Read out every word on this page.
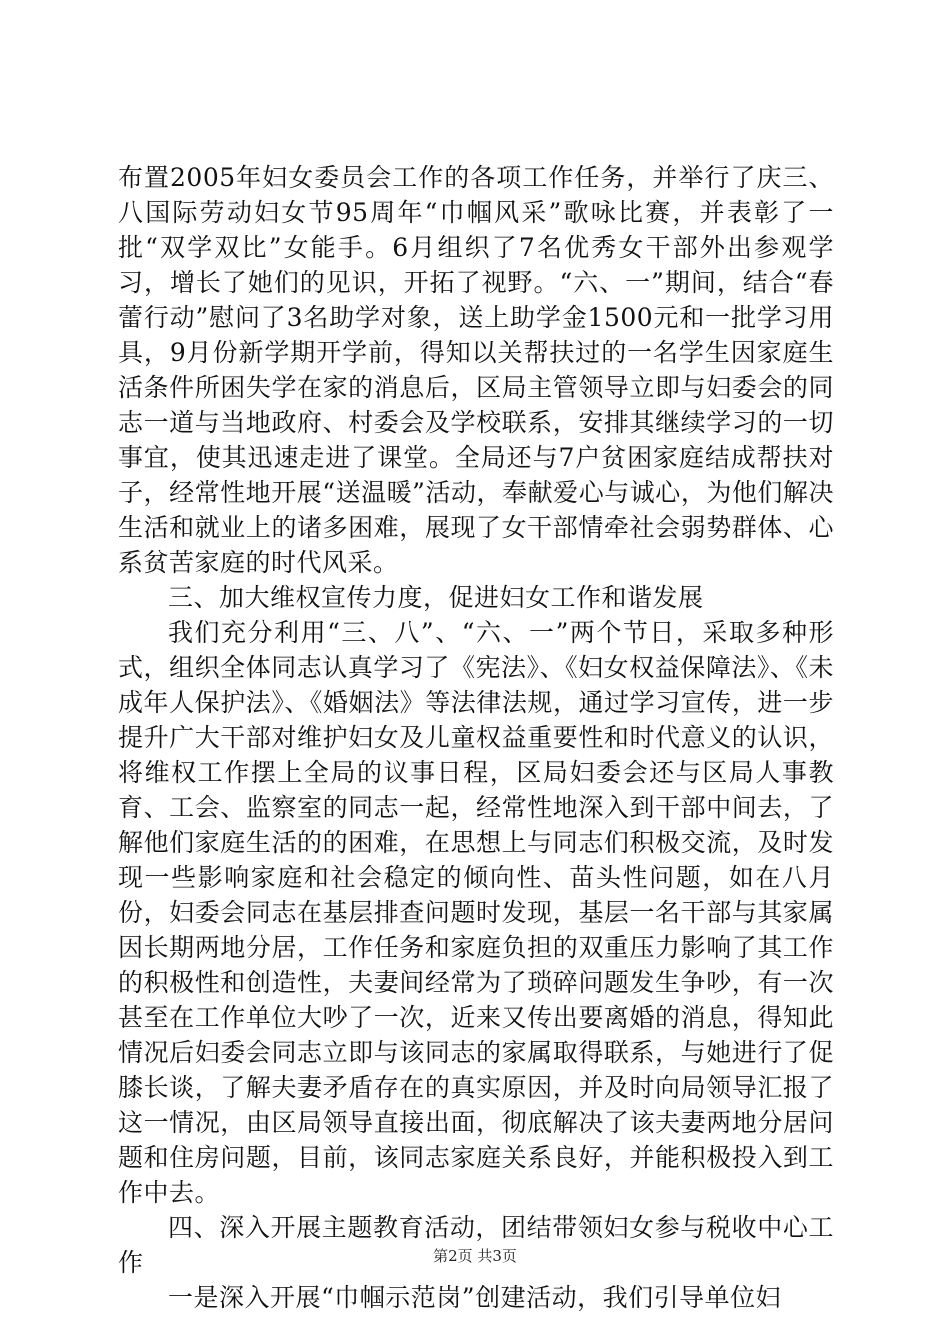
布置2005年妇女委员会工作的各项工作任务，并举行了庆三、八国际劳动妇女节95周年“巾帼风采”歌咏比赛，并表彰了一批“双学双比”女能手。6月组织了7名优秀女干部外出参观学习，增长了她们的见识，开拓了视野。“六、一”期间，结合“春蕾行动”慰问了3名助学对象，送上助学金1500元和一批学习用具，9月份新学期开学前，得知以关帮扶过的一名学生因家庭生活条件所困失学在家的消息后，区局主管领导立即与妇委会的同志一道与当地政府、村委会及学校联系，安排其继续学习的一切事宜，使其迅速走进了课堂。全局还与7户贫困家庭结成帮扶对子，经常性地开展“送温暖”活动，奉献爱心与诚心，为他们解决生活和就业上的诸多困难，展现了女干部情牵社会弱势群体、心系贫苦家庭的时代风采。

三、加大维权宣传力度，促进妇女工作和谐发展

我们充分利用“三、八”、“六、一”两个节日，采取多种形式，组织全体同志认真学习了《宪法》、《妇女权益保障法》、《未成年人保护法》、《婚姻法》等法律法规，通过学习宣传，进一步提升广大干部对维护妇女及儿童权益重要性和时代意义的认识，将维权工作摆上全局的议事日程，区局妇委会还与区局人事教育、工会、监察室的同志一起，经常性地深入到干部中间去，了解他们家庭生活的的困难，在思想上与同志们积极交流，及时发现一些影响家庭和社会稳定的倾向性、苗头性问题，如在八月份，妇委会同志在基层排查问题时发现，基层一名干部与其家属因长期两地分居，工作任务和家庭负担的双重压力影响了其工作的积极性和创造性，夫妻间经常为了琐碎问题发生争吵，有一次甚至在工作单位大吵了一次，近来又传出要离婚的消息，得知此情况后妇委会同志立即与该同志的家属取得联系，与她进行了促膝长谈，了解夫妻矛盾存在的真实原因，并及时向局领导汇报了这一情况，由区局领导直接出面，彻底解决了该夫妻两地分居问题和住房问题，目前，该同志家庭关系良好，并能积极投入到工作中去。

四、深入开展主题教育活动，团结带领妇女参与税收中心工作

一是深入开展“巾帼示范岗”创建活动，我们引导单位妇

第2页 共3页
